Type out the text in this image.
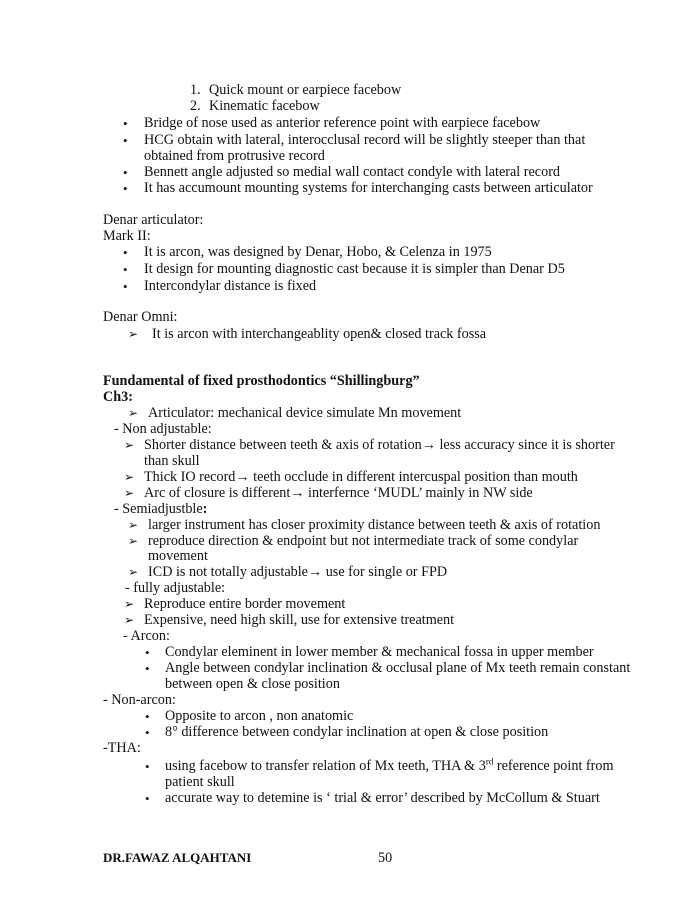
1. Quick mount or earpiece facebow
2. Kinematic facebow
• Bridge of nose used as anterior reference point with earpiece facebow
• HCG obtain with lateral, interocclusal record will be slightly steeper than that
obtained from protrusive record
• Bennett angle adjusted so medial wall contact condyle with lateral record
• It has accumount mounting systems for interchanging casts between articulator
Denar articulator:
Mark II:
• It is arcon, was designed by Denar, Hobo, & Celenza in 1975
• It design for mounting diagnostic cast because it is simpler than Denar D5
• Intercondylar distance is fixed
Denar Omni:
➢ It is arcon with interchangeablity open& closed track fossa
Fundamental of fixed prosthodontics “Shillingburg”
Ch3:
➢ Articulator: mechanical device simulate Mn movement
- Non adjustable:
➢ Shorter distance between teeth & axis of rotation→ less accuracy since it is shorter
than skull
➢ Thick IO record→ teeth occlude in different intercuspal position than mouth
➢ Arc of closure is different→ interfernce ‘MUDL’ mainly in NW side
- Semiadjustble:
➢ larger instrument has closer proximity distance between teeth & axis of rotation
➢ reproduce direction & endpoint but not intermediate track of some condylar
movement
➢ ICD is not totally adjustable→ use for single or FPD
- fully adjustable:
➢ Reproduce entire border movement
➢ Expensive, need high skill, use for extensive treatment
- Arcon:
• Condylar eleminent in lower member & mechanical fossa in upper member
• Angle between condylar inclination & occlusal plane of Mx teeth remain constant
between open & close position
- Non-arcon:
• Opposite to arcon , non anatomic
• 8° difference between condylar inclination at open & close position
-THA:
• using facebow to transfer relation of Mx teeth, THA & 3rd reference point from
patient skull
• accurate way to detemine is ‘ trial & error’ described by McCollum & Stuart
DR.FAWAZ ALQAHTANI	50
